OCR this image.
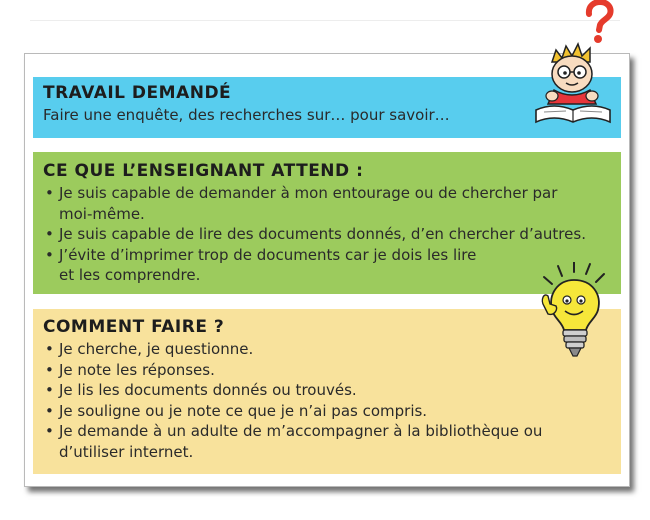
TRAVAIL DEMANDÉ

Faire une enquête, des recherches sur… pour savoir…

CE QUE L’ENSEIGNANT ATTEND :
• Je suis capable de demander à mon entourage ou de chercher par
moi-même.
• Je suis capable de lire des documents donnés, d’en chercher d’autres.
• J’évite d’imprimer trop de documents car je dois les lire
et les comprendre.
COMMENT FAIRE ?
• Je cherche, je questionne.
• Je note les réponses.
• Je lis les documents donnés ou trouvés.
• Je souligne ou je note ce que je n’ai pas compris.
• Je demande à un adulte de m’accompagner à la bibliothèque ou
d’utiliser internet.
